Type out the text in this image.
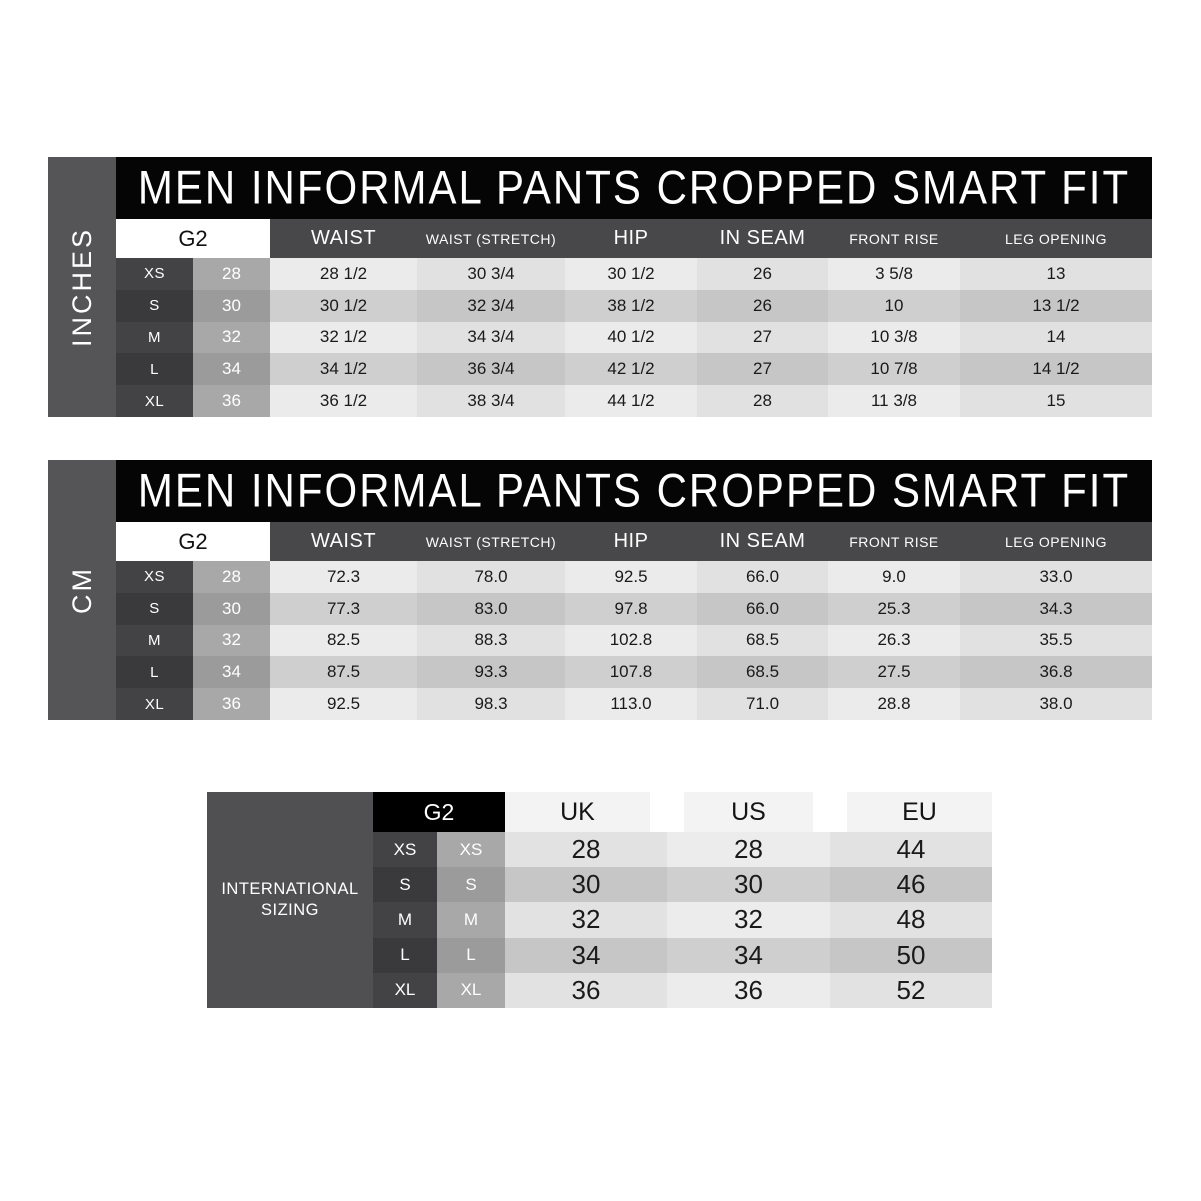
INCHES
MEN INFORMAL PANTS CROPPED SMART FIT
G2	WAIST	WAIST (STRETCH)	HIP	IN SEAM	FRONT RISE	LEG OPENING
XS	28	28 1/2	30 3/4	30 1/2	26	3 5/8	13
S	30	30 1/2	32 3/4	38 1/2	26	10	13 1/2
M	32	32 1/2	34 3/4	40 1/2	27	10 3/8	14
L	34	34 1/2	36 3/4	42 1/2	27	10 7/8	14 1/2
XL	36	36 1/2	38 3/4	44 1/2	28	11 3/8	15
CM
MEN INFORMAL PANTS CROPPED SMART FIT
G2	WAIST	WAIST (STRETCH)	HIP	IN SEAM	FRONT RISE	LEG OPENING
XS	28	72.3	78.0	92.5	66.0	9.0	33.0
S	30	77.3	83.0	97.8	66.0	25.3	34.3
M	32	82.5	88.3	102.8	68.5	26.3	35.5
L	34	87.5	93.3	107.8	68.5	27.5	36.8
XL	36	92.5	98.3	113.0	71.0	28.8	38.0
INTERNATIONAL
SIZING
G2	UK	US	EU
XS	XS	28	28	44
S	S	30	30	46
M	M	32	32	48
L	L	34	34	50
XL	XL	36	36	52
